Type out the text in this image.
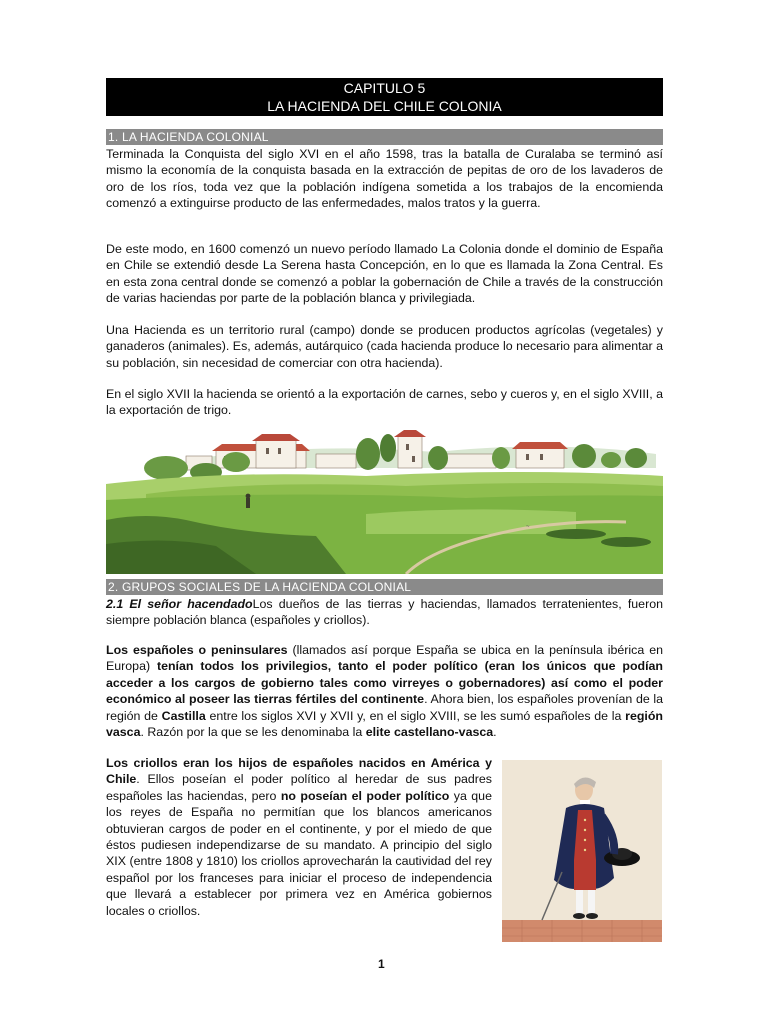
CAPITULO 5
LA HACIENDA DEL CHILE COLONIA
1. LA HACIENDA COLONIAL

Terminada la Conquista del siglo XVI en el año 1598, tras la batalla de Curalaba se terminó así mismo la economía de la conquista basada en la extracción de pepitas de oro de los lavaderos de oro de los ríos, toda vez que la población indígena sometida a los trabajos de la encomienda comenzó a extinguirse producto de las enfermedades, malos tratos y la guerra.

De este modo, en 1600 comenzó un nuevo período llamado La Colonia donde el dominio de España en Chile se extendió desde La Serena hasta Concepción, en lo que es llamada la Zona Central. Es en esta zona central donde se comenzó a poblar la gobernación de Chile a través de la construcción de varias haciendas por parte de la población blanca y privilegiada.

Una Hacienda es un territorio rural (campo) donde se producen productos agrícolas (vegetales) y ganaderos (animales). Es, además, autárquico (cada hacienda produce lo necesario para alimentar a su población, sin necesidad de comerciar con otra hacienda).

En el siglo XVII la hacienda se orientó a la exportación de carnes, sebo y cueros y, en el siglo XVIII, a la exportación de trigo.

~
2. GRUPOS SOCIALES DE LA HACIENDA COLONIAL

2.1 El señor hacendadoLos dueños de las tierras y haciendas, llamados terratenientes, fueron siempre población blanca (españoles y criollos).

Los españoles o peninsulares (llamados así porque España se ubica en la península ibérica en Europa) tenían todos los privilegios, tanto el poder político (eran los únicos que podían acceder a los cargos de gobierno tales como virreyes o gobernadores) así como el poder económico al poseer las tierras fértiles del continente. Ahora bien, los españoles provenían de la región de Castilla entre los siglos XVI y XVII y, en el siglo XVIII, se les sumó españoles de la región vasca. Razón por la que se les denominaba la elite castellano-vasca.

Los criollos eran los hijos de españoles nacidos en América y Chile. Ellos poseían el poder político al heredar de sus padres españoles las haciendas, pero no poseían el poder político ya que los reyes de España no permitían que los blancos americanos obtuvieran cargos de poder en el continente, y por el miedo de que éstos pudiesen independizarse de su mandato. A principio del siglo XIX (entre 1808 y 1810) los criollos aprovecharán la cautividad del rey español por los franceses para iniciar el proceso de independencia que llevará a establecer por primera vez en América gobiernos locales o criollos.

1
